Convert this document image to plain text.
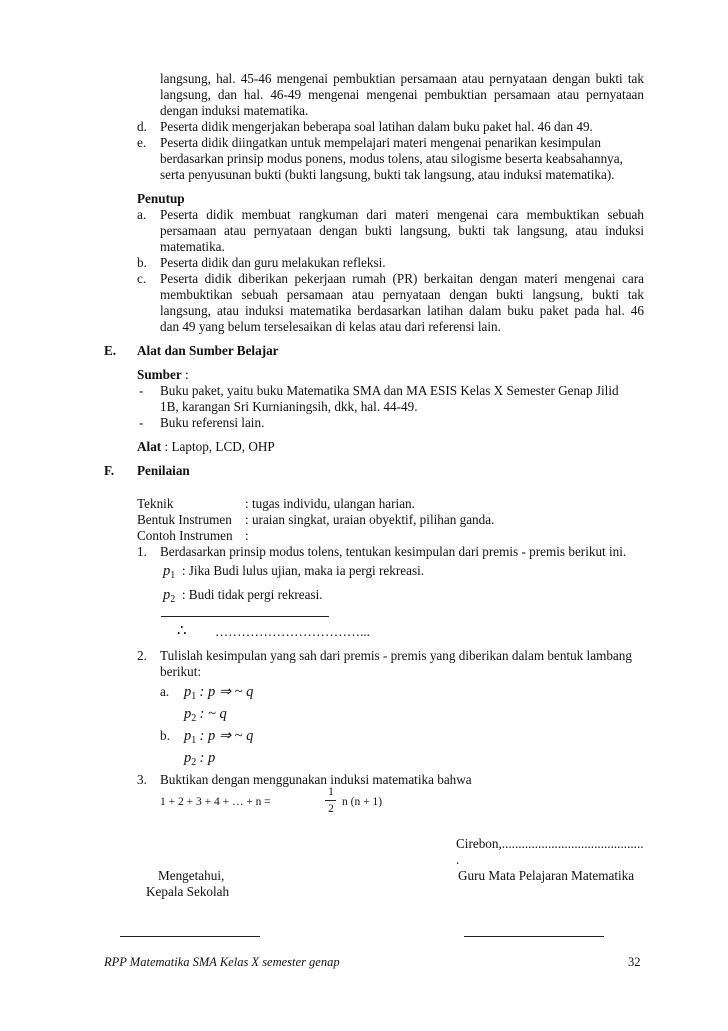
langsung, hal. 45-46 mengenai pembuktian persamaan atau pernyataan dengan bukti tak
langsung, dan hal. 46-49 mengenai mengenai pembuktian persamaan atau pernyataan
dengan induksi matematika.
d. Peserta didik mengerjakan beberapa soal latihan dalam buku paket hal. 46 dan 49.
e. Peserta didik diingatkan untuk mempelajari materi mengenai penarikan kesimpulan
berdasarkan prinsip modus ponens, modus tolens, atau silogisme beserta keabsahannya,
serta penyusunan bukti (bukti langsung, bukti tak langsung, atau induksi matematika).
Penutup
a. Peserta didik membuat rangkuman dari materi mengenai cara membuktikan sebuah
persamaan atau pernyataan dengan bukti langsung, bukti tak langsung, atau induksi
matematika.
b. Peserta didik dan guru melakukan refleksi.
c. Peserta didik diberikan pekerjaan rumah (PR) berkaitan dengan materi mengenai cara
membuktikan sebuah persamaan atau pernyataan dengan bukti langsung, bukti tak
langsung, atau induksi matematika berdasarkan latihan dalam buku paket pada hal. 46
dan 49 yang belum terselesaikan di kelas atau dari referensi lain.
E. Alat dan Sumber Belajar
Sumber :
- Buku paket, yaitu buku Matematika SMA dan MA ESIS Kelas X Semester Genap Jilid
1B, karangan Sri Kurnianingsih, dkk, hal. 44-49.
- Buku referensi lain.
Alat : Laptop, LCD, OHP
F. Penilaian
Teknik	: tugas individu, ulangan harian.
Bentuk Instrumen : uraian singkat, uraian obyektif, pilihan ganda.
Contoh Instrumen :
1. Berdasarkan prinsip modus tolens, tentukan kesimpulan dari premis - premis berikut ini.
$p_1$ : Jika Budi lulus ujian, maka ia pergi rekreasi.
$p_2$ : Budi tidak pergi rekreasi.
∴ ……………………………...
2. Tulislah kesimpulan yang sah dari premis - premis yang diberikan dalam bentuk lambang
berikut:
a. $p_1$ : p ⇒ ~ q
$p_2$ : ~ q
b. $p_1$ : p ⇒ ~ q
$p_2$ : p
3. Buktikan dengan menggunakan induksi matematika bahwa
1 + 2 + 3 + 4 + … + n =
1
2
n (n + 1)
Cirebon,...........................................
.
Mengetahui,
Kepala Sekolah
Guru Mata Pelajaran Matematika
RPP Matematika SMA Kelas X semester genap	32
